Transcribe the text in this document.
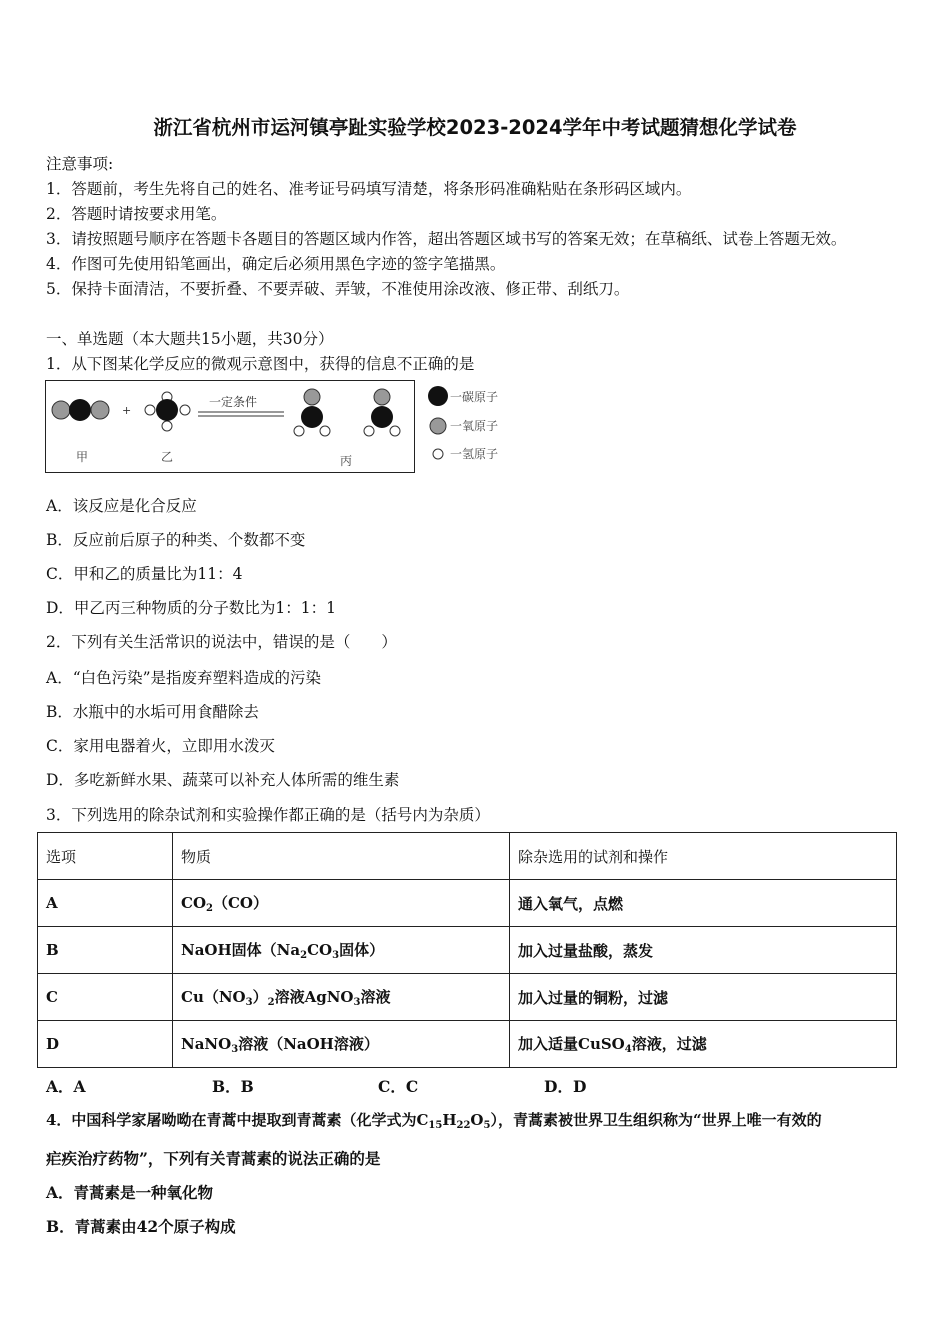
浙江省杭州市运河镇亭趾实验学校2023-2024学年中考试题猜想化学试卷
注意事项:
1．答题前，考生先将自己的姓名、准考证号码填写清楚，将条形码准确粘贴在条形码区域内。
2．答题时请按要求用笔。
3．请按照题号顺序在答题卡各题目的答题区域内作答，超出答题区域书写的答案无效；在草稿纸、试卷上答题无效。
4．作图可先使用铅笔画出，确定后必须用黑色字迹的签字笔描黑。
5．保持卡面清洁，不要折叠、不要弄破、弄皱，不准使用涂改液、修正带、刮纸刀。
一、单选题（本大题共15小题，共30分）
1．从下图某化学反应的微观示意图中，获得的信息不正确的是
+
一定条件
甲	乙	丙
一碳原子
一氧原子
一氢原子
A．该反应是化合反应
B．反应前后原子的种类、个数都不变
C．甲和乙的质量比为11：4
D．甲乙丙三种物质的分子数比为1：1：1
2．下列有关生活常识的说法中，错误的是（　　）
A．“白色污染”是指废弃塑料造成的污染
B．水瓶中的水垢可用食醋除去
C．家用电器着火，立即用水泼灭
D．多吃新鲜水果、蔬菜可以补充人体所需的维生素
3．下列选用的除杂试剂和实验操作都正确的是（括号内为杂质）
选项	物质	除杂选用的试剂和操作
A	$CO_2(CO)$	通入氧气，点燃
B	NaOH固体（$Na_2CO_3$固体）	加入过量盐酸，蒸发
C	$Cu(NO_3)_2$溶液AgNO$_3$溶液	加入过量的铜粉，过滤
D	NaNO$_3$溶液（NaOH溶液）	加入适量CuSO$_4$溶液，过滤
A．A	B．B	C．C	D．D
4．中国科学家屠呦呦在青蒿中提取到青蒿素（化学式为$C_{15}H_{22}O_5$），青蒿素被世界卫生组织称为“世界上唯一有效的
疟疾治疗药物”，下列有关青蒿素的说法正确的是
A．青蒿素是一种氧化物
B．青蒿素由42个原子构成
